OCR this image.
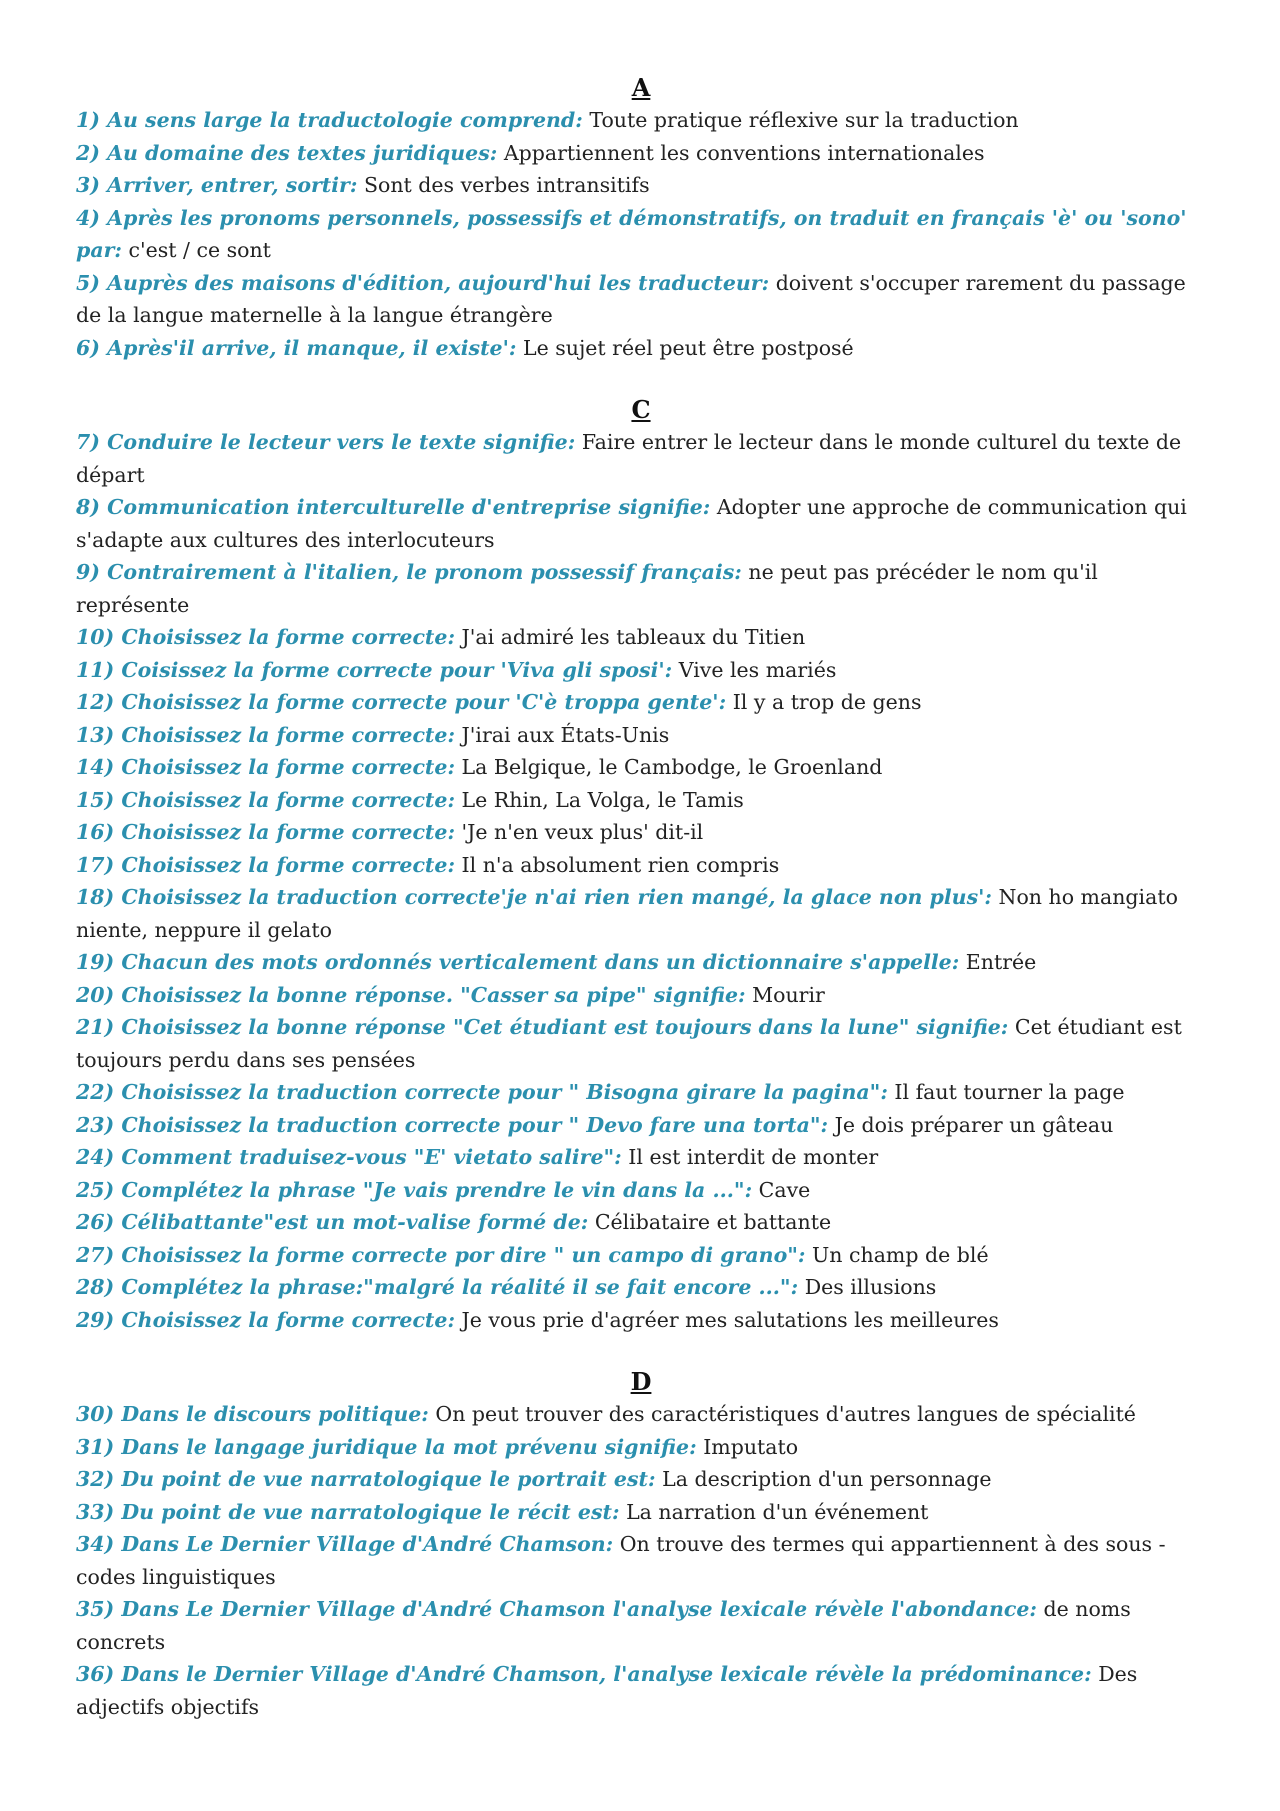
A

1) Au sens large la traductologie comprend: Toute pratique réflexive sur la traduction

2) Au domaine des textes juridiques: Appartiennent les conventions internationales

3) Arriver, entrer, sortir: Sont des verbes intransitifs

4) Après les pronoms personnels, possessifs et démonstratifs, on traduit en français 'è' ou 'sono' par: c'est / ce sont

5) Auprès des maisons d'édition, aujourd'hui les traducteur: doivent s'occuper rarement du passage de la langue maternelle à la langue étrangère

6) Après'il arrive, il manque, il existe': Le sujet réel peut être postposé

C

7) Conduire le lecteur vers le texte signifie: Faire entrer le lecteur dans le monde culturel du texte de départ

8) Communication interculturelle d'entreprise signifie: Adopter une approche de communication qui s'adapte aux cultures des interlocuteurs

9) Contrairement à l'italien, le pronom possessif français: ne peut pas précéder le nom qu'il représente

10) Choisissez la forme correcte: J'ai admiré les tableaux du Titien

11) Coisissez la forme correcte pour 'Viva gli sposi': Vive les mariés

12) Choisissez la forme correcte pour 'C'è troppa gente': Il y a trop de gens

13) Choisissez la forme correcte: J'irai aux États-Unis

14) Choisissez la forme correcte: La Belgique, le Cambodge, le Groenland

15) Choisissez la forme correcte: Le Rhin, La Volga, le Tamis

16) Choisissez la forme correcte: 'Je n'en veux plus' dit-il

17) Choisissez la forme correcte: Il n'a absolument rien compris

18) Choisissez la traduction correcte'je n'ai rien rien mangé, la glace non plus': Non ho mangiato niente, neppure il gelato

19) Chacun des mots ordonnés verticalement dans un dictionnaire s'appelle: Entrée

20) Choisissez la bonne réponse. "Casser sa pipe" signifie: Mourir

21) Choisissez la bonne réponse "Cet étudiant est toujours dans la lune" signifie: Cet étudiant est toujours perdu dans ses pensées

22) Choisissez la traduction correcte pour " Bisogna girare la pagina": Il faut tourner la page

23) Choisissez la traduction correcte pour " Devo fare una torta": Je dois préparer un gâteau

24) Comment traduisez-vous "E' vietato salire": Il est interdit de monter

25) Complétez la phrase "Je vais prendre le vin dans la ...": Cave

26) Célibattante"est un mot-valise formé de: Célibataire et battante

27) Choisissez la forme correcte por dire " un campo di grano": Un champ de blé

28) Complétez la phrase:"malgré la réalité il se fait encore ...": Des illusions

29) Choisissez la forme correcte: Je vous prie d'agréer mes salutations les meilleures

D

30) Dans le discours politique: On peut trouver des caractéristiques d'autres langues de spécialité

31) Dans le langage juridique la mot prévenu signifie: Imputato

32) Du point de vue narratologique le portrait est: La description d'un personnage

33) Du point de vue narratologique le récit est: La narration d'un événement

34) Dans Le Dernier Village d'André Chamson: On trouve des termes qui appartiennent à des sous -codes linguistiques

35) Dans Le Dernier Village d'André Chamson l'analyse lexicale révèle l'abondance: de noms concrets

36) Dans le Dernier Village d'André Chamson, l'analyse lexicale révèle la prédominance: Des adjectifs objectifs
